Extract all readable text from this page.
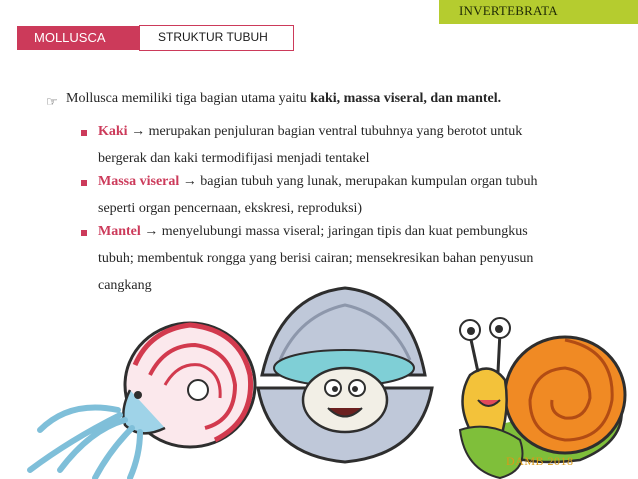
INVERTEBRATA
MOLLUSCA	STRUKTUR TUBUH
☞ Mollusca memiliki tiga bagian utama yaitu kaki, massa viseral, dan mantel.
Kaki → merupakan penjuluran bagian ventral tubuhnya yang berotot untuk
bergerak dan kaki termodifijasi menjadi tentakel
Massa viseral → bagian tubuh yang lunak, merupakan kumpulan organ tubuh
seperti organ pencernaan, ekskresi, reproduksi)
Mantel → menyelubungi massa viseral; jaringan tipis dan kuat pembungkus
tubuh; membentuk rongga yang berisi cairan; mensekresikan bahan penyusun
cangkang
DAMB 2018
